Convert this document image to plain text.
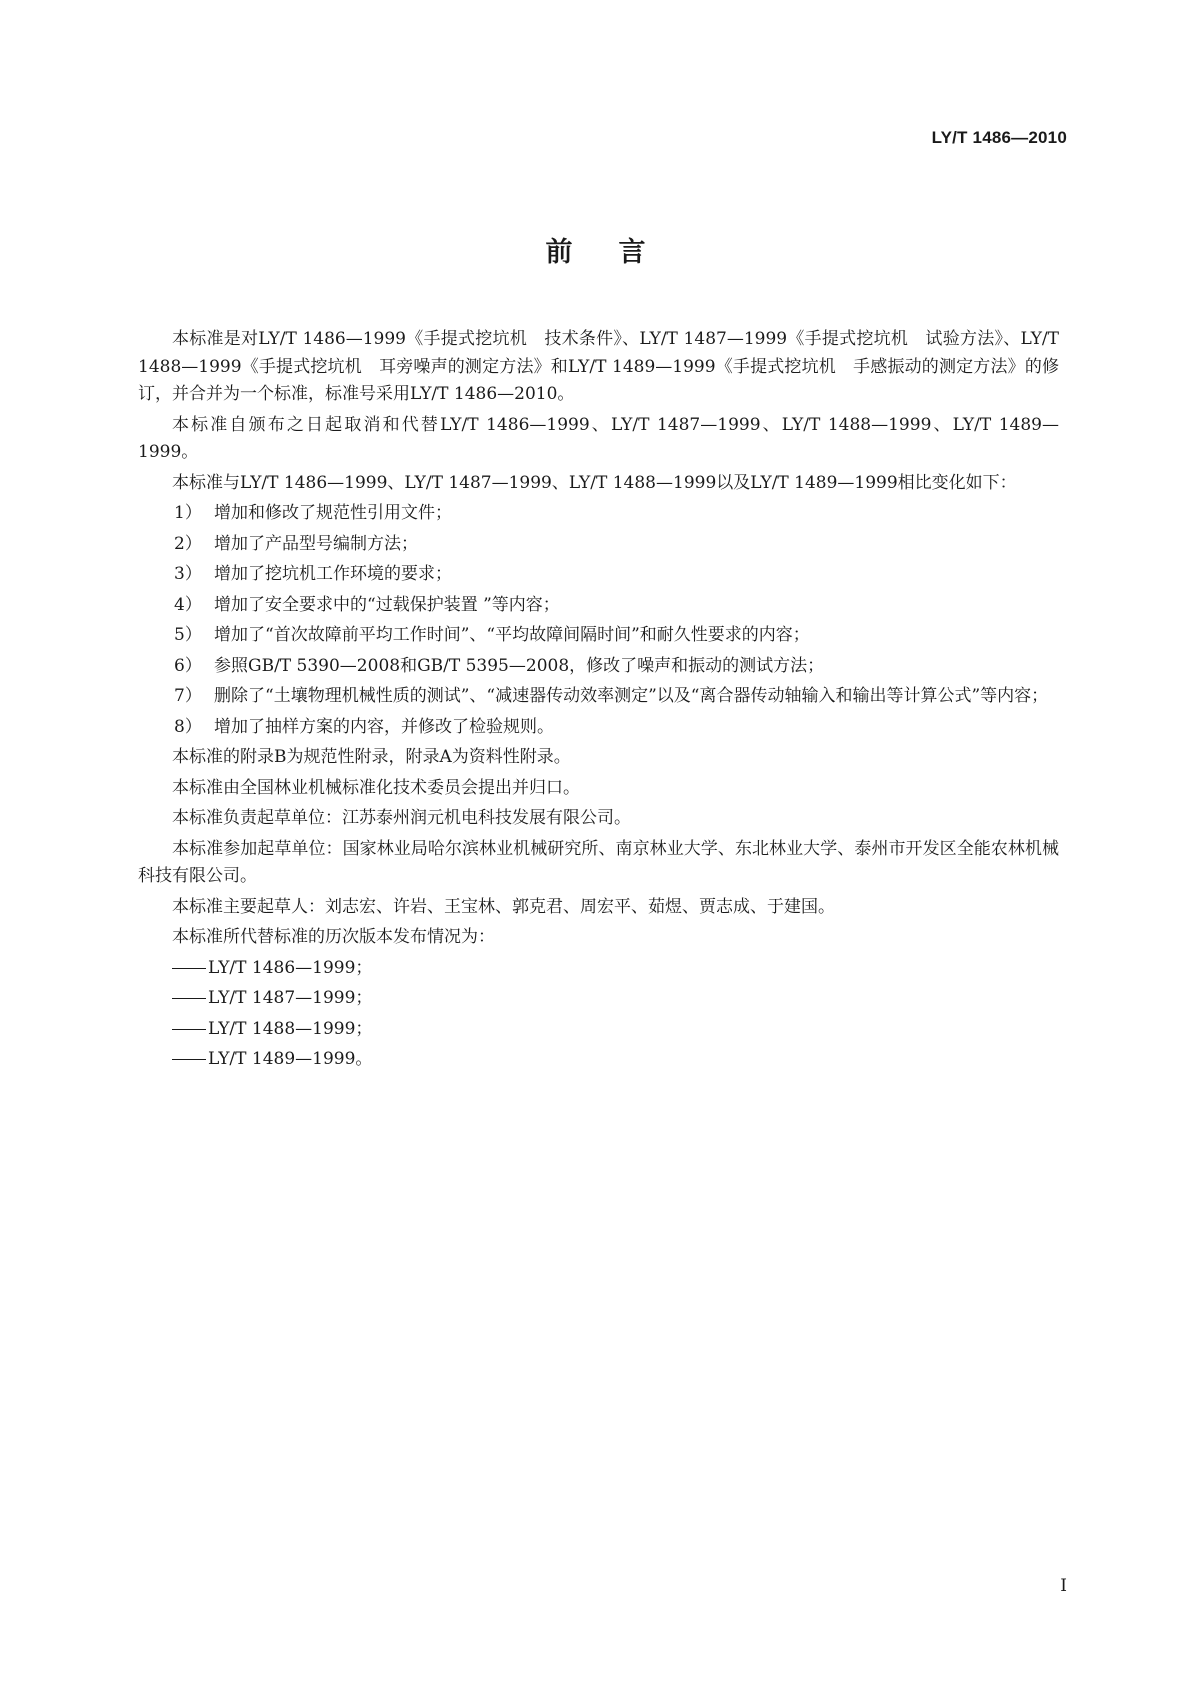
LY/T 1486—2010
前言

本标准是对LY/T 1486—1999《手提式挖坑机　技术条件》、LY/T 1487—1999《手提式挖坑机　试验方法》、LY/T 1488—1999《手提式挖坑机　耳旁噪声的测定方法》和LY/T 1489—1999《手提式挖坑机　手感振动的测定方法》的修订，并合并为一个标准，标准号采用LY/T 1486—2010。

本标准自颁布之日起取消和代替LY/T 1486—1999、LY/T 1487—1999、LY/T 1488—1999、LY/T 1489—1999。

本标准与LY/T 1486—1999、LY/T 1487—1999、LY/T 1488—1999以及LY/T 1489—1999相比变化如下：

1） 增加和修改了规范性引用文件；
2） 增加了产品型号编制方法；
3） 增加了挖坑机工作环境的要求；
4） 增加了安全要求中的“过载保护装置 ”等内容；
5） 增加了“首次故障前平均工作时间”、“平均故障间隔时间”和耐久性要求的内容；
6） 参照GB/T 5390—2008和GB/T 5395—2008，修改了噪声和振动的测试方法；
7） 删除了“土壤物理机械性质的测试”、“减速器传动效率测定”以及“离合器传动轴输入和输出等计算公式”等内容；
8） 增加了抽样方案的内容，并修改了检验规则。

本标准的附录B为规范性附录，附录A为资料性附录。

本标准由全国林业机械标准化技术委员会提出并归口。

本标准负责起草单位：江苏泰州润元机电科技发展有限公司。

本标准参加起草单位：国家林业局哈尔滨林业机械研究所、南京林业大学、东北林业大学、泰州市开发区全能农林机械科技有限公司。

本标准主要起草人：刘志宏、许岩、王宝林、郭克君、周宏平、茹煜、贾志成、于建国。

本标准所代替标准的历次版本发布情况为：

LY/T 1486—1999；
LY/T 1487—1999；
LY/T 1488—1999；
LY/T 1489—1999。
I
